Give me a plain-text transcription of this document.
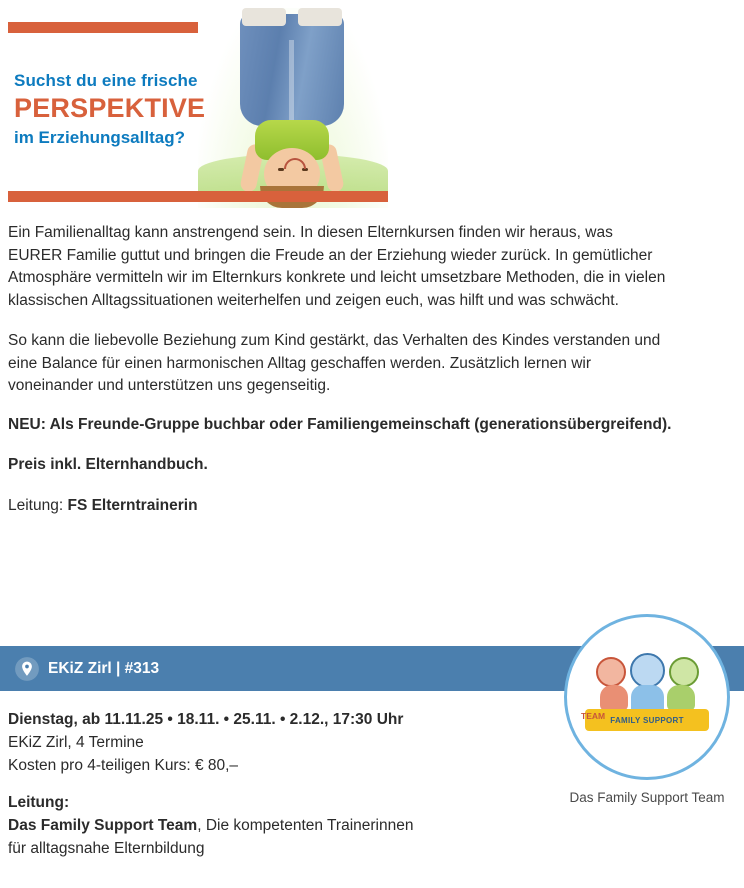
Suchst du eine frische
PERSPEKTIVE
im Erziehungsalltag?

Ein Familienalltag kann anstrengend sein. In diesen Elternkursen finden wir heraus, was EURER Familie guttut und bringen die Freude an der Erziehung wieder zurück. In gemütlicher Atmosphäre vermitteln wir im Elternkurs konkrete und leicht umsetzbare Methoden, die in vielen klassischen Alltagssituationen weiterhelfen und zeigen euch, was hilft und was schwächt.

So kann die liebevolle Beziehung zum Kind gestärkt, das Verhalten des Kindes verstanden und eine Balance für einen harmonischen Alltag geschaffen werden. Zusätzlich lernen wir voneinander und unterstützen uns gegenseitig.

NEU: Als Freunde-Gruppe buchbar oder Familiengemeinschaft (generationsübergreifend).

Preis inkl. Elternhandbuch.

Leitung: FS Elterntrainerin

EKiZ Zirl | #313

Dienstag, ab 11.11.25 • 18.11. • 25.11. • 2.12., 17:30 Uhr

EKiZ Zirl, 4 Termine

Kosten pro 4-teiligen Kurs: € 80,–

Leitung:

Das Family Support Team, Die kompetenten Trainerinnen

für alltagsnahe Elternbildung

FAMILY SUPPORT
TEAM
Das Family Support Team
